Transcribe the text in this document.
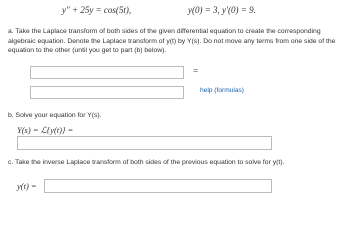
y″ + 25y = cos(5t),	y(0) = 3, y′(0) = 9.
a. Take the Laplace transform of both sides of the given differential equation to create the corresponding algebraic equation. Denote the Laplace transform of y(t) by Y(s). Do not move any terms from one side of the equation to the other (until you get to part (b) below).
=
help (formulas)
b. Solve your equation for Y(s).
Y(s) = ℒ{y(t)} =
c. Take the inverse Laplace transform of both sides of the previous equation to solve for y(t).
y(t) =
